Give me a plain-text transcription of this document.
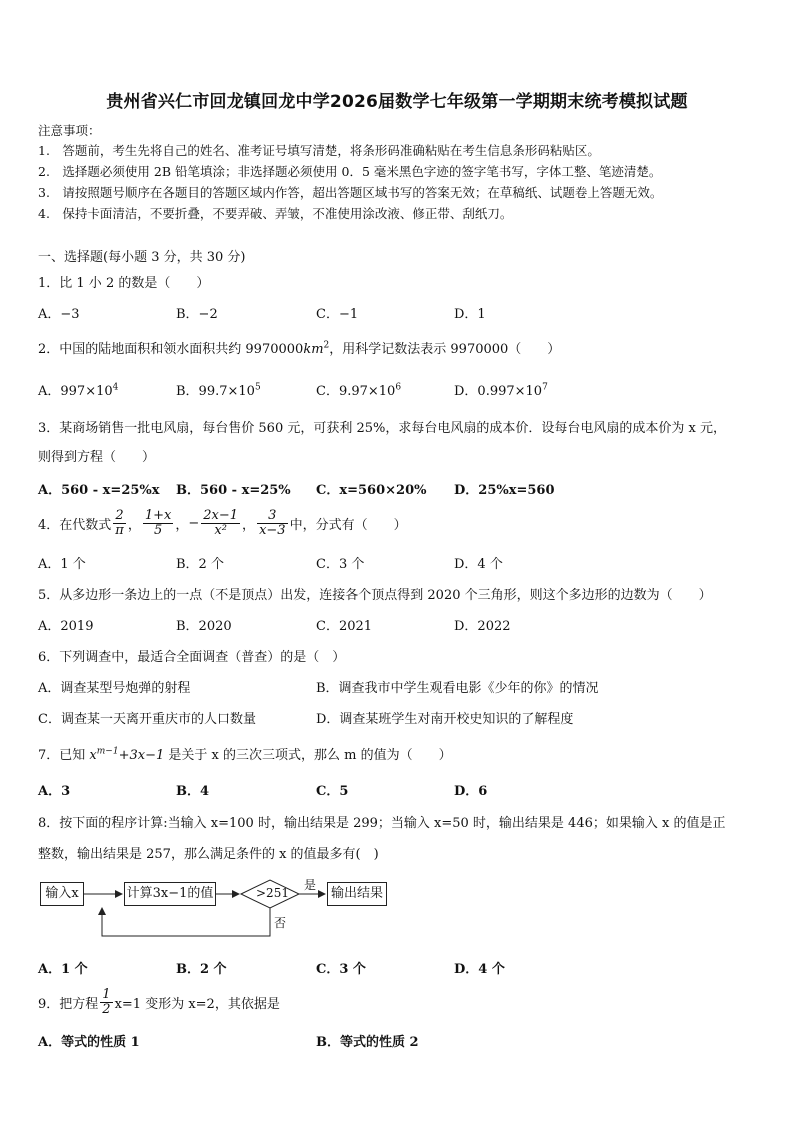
贵州省兴仁市回龙镇回龙中学2026届数学七年级第一学期期末统考模拟试题
注意事项：
1.　答题前，考生先将自己的姓名、准考证号填写清楚，将条形码准确粘贴在考生信息条形码粘贴区。
2.　选择题必须使用 2B 铅笔填涂；非选择题必须使用 0．5 毫米黑色字迹的签字笔书写，字体工整、笔迹清楚。
3.　请按照题号顺序在各题目的答题区域内作答，超出答题区域书写的答案无效；在草稿纸、试题卷上答题无效。
4.　保持卡面清洁，不要折叠，不要弄破、弄皱，不准使用涂改液、修正带、刮纸刀。
一、选择题(每小题 3 分，共 30 分)
1．比 1 小 2 的数是（　　）
A．−3	B．−2	C．−1	D．1
2．中国的陆地面积和领水面积共约 $9970000km^2$，用科学记数法表示 9970000（　　）
A．$997\times 10^4$	B．$99.7\times 10^5$	C．$9.97\times 10^6$	D．$0.997\times 10^7$
3．某商场销售一批电风扇，每台售价 560 元，可获利 25%，求每台电风扇的成本价．设每台电风扇的成本价为 x 元，
则得到方程（　　）
A．560 - x=25%x B．560 - x=25% C．x=560×20% D．25%x=560
4．在代数式 $\frac{2}{\pi}$ ， $\frac{1+x}{5}$ ， − $\frac{2x-1}{\text{x²}}$ ， $\frac{3}{x-3}$ 中，分式有（　　）
A．1 个	B．2 个	C．3 个	D．4 个
5．从多边形一条边上的一点（不是顶点）出发，连接各个顶点得到 2020 个三角形，则这个多边形的边数为（　　）
A．2019	B．2020	C．2021	D．2022
6．下列调查中，最适合全面调查（普查）的是（　）
A．调查某型号炮弹的射程	B．调查我市中学生观看电影《少年的你》的情况
C．调查某一天离开重庆市的人口数量	D．调查某班学生对南开校史知识的了解程度
7．已知 $x^{m-1}+3x-1$ 是关于 x 的三次三项式，那么 m 的值为（　　）
A．3	B．4	C．5	D．6
8．按下面的程序计算:当输入 x=100 时，输出结果是 299；当输入 x=50 时，输出结果是 446；如果输入 x 的值是正
整数，输出结果是 257，那么满足条件的 x 的值最多有(　)
输入x	计算3x−1的值	输出结果
>251
是
否
A．1 个	B．2 个	C．3 个	D．4 个
9．把方程 $\frac{1}{2} x=1$ 变形为 x=2，其依据是
A．等式的性质 1	B．等式的性质 2
